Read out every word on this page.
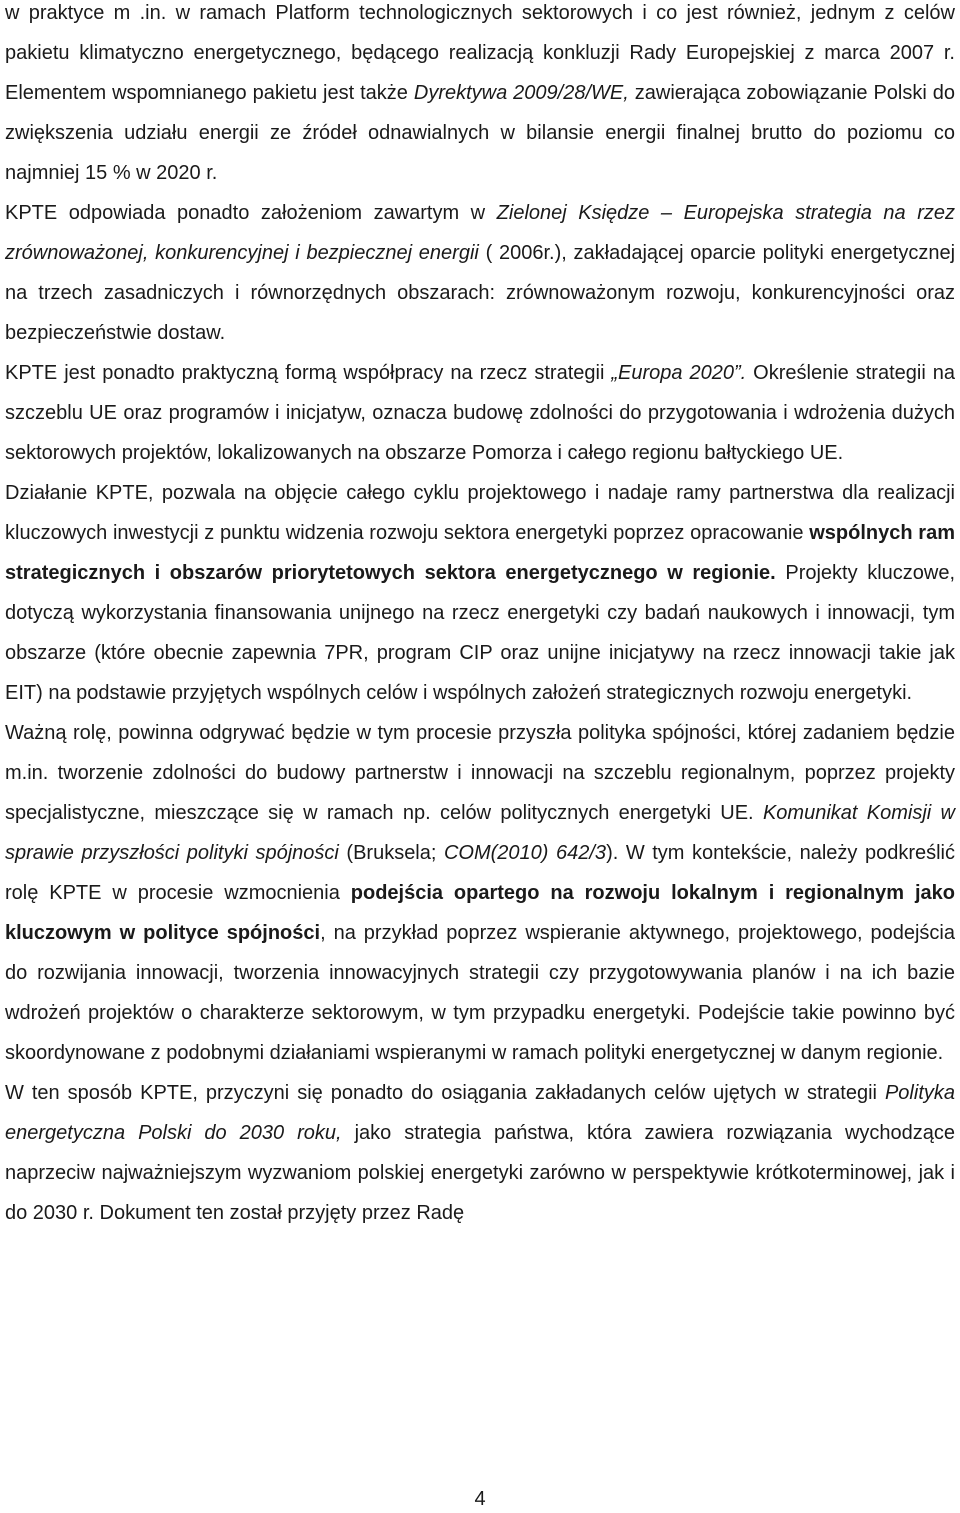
w praktyce m .in. w ramach Platform technologicznych sektorowych i co jest również, jednym z celów pakietu klimatyczno energetycznego, będącego realizacją konkluzji Rady Europejskiej z marca 2007 r. Elementem wspomnianego pakietu jest także Dyrektywa 2009/28/WE, zawierająca zobowiązanie Polski do zwiększenia udziału energii ze źródeł odnawialnych w bilansie energii finalnej brutto do poziomu co najmniej 15 % w 2020 r.

KPTE odpowiada ponadto założeniom zawartym w Zielonej Księdze – Europejska strategia na rzez zrównoważonej, konkurencyjnej i bezpiecznej energii ( 2006r.), zakładającej oparcie polityki energetycznej na trzech zasadniczych i równorzędnych obszarach: zrównoważonym rozwoju, konkurencyjności oraz bezpieczeństwie dostaw.

KPTE jest ponadto praktyczną formą współpracy na rzecz strategii „Europa 2020”. Określenie strategii na szczeblu UE oraz programów i inicjatyw, oznacza budowę zdolności do przygotowania i wdrożenia dużych sektorowych projektów, lokalizowanych na obszarze Pomorza i całego regionu bałtyckiego UE.

Działanie KPTE, pozwala na objęcie całego cyklu projektowego i nadaje ramy partnerstwa dla realizacji kluczowych inwestycji z punktu widzenia rozwoju sektora energetyki poprzez opracowanie wspólnych ram strategicznych i obszarów priorytetowych sektora energetycznego w regionie. Projekty kluczowe, dotyczą wykorzystania finansowania unijnego na rzecz energetyki czy badań naukowych i innowacji, tym obszarze (które obecnie zapewnia 7PR, program CIP oraz unijne inicjatywy na rzecz innowacji takie jak EIT) na podstawie przyjętych wspólnych celów i wspólnych założeń strategicznych rozwoju energetyki.

Ważną rolę, powinna odgrywać będzie w tym procesie przyszła polityka spójności, której zadaniem będzie m.in. tworzenie zdolności do budowy partnerstw i innowacji na szczeblu regionalnym, poprzez projekty specjalistyczne, mieszczące się w ramach np. celów politycznych energetyki UE. Komunikat Komisji w sprawie przyszłości polityki spójności (Bruksela; COM(2010) 642/3). W tym kontekście, należy podkreślić rolę KPTE w procesie wzmocnienia podejścia opartego na rozwoju lokalnym i regionalnym jako kluczowym w polityce spójności, na przykład poprzez wspieranie aktywnego, projektowego, podejścia do rozwijania innowacji, tworzenia innowacyjnych strategii czy przygotowywania planów i na ich bazie wdrożeń projektów o charakterze sektorowym, w tym przypadku energetyki. Podejście takie powinno być skoordynowane z podobnymi działaniami wspieranymi w ramach polityki energetycznej w danym regionie.

W ten sposób KPTE, przyczyni się ponadto do osiągania zakładanych celów ujętych w strategii Polityka energetyczna Polski do 2030 roku, jako strategia państwa, która zawiera rozwiązania wychodzące naprzeciw najważniejszym wyzwaniom polskiej energetyki zarówno w perspektywie krótkoterminowej, jak i do 2030 r. Dokument ten został przyjęty przez Radę

4
